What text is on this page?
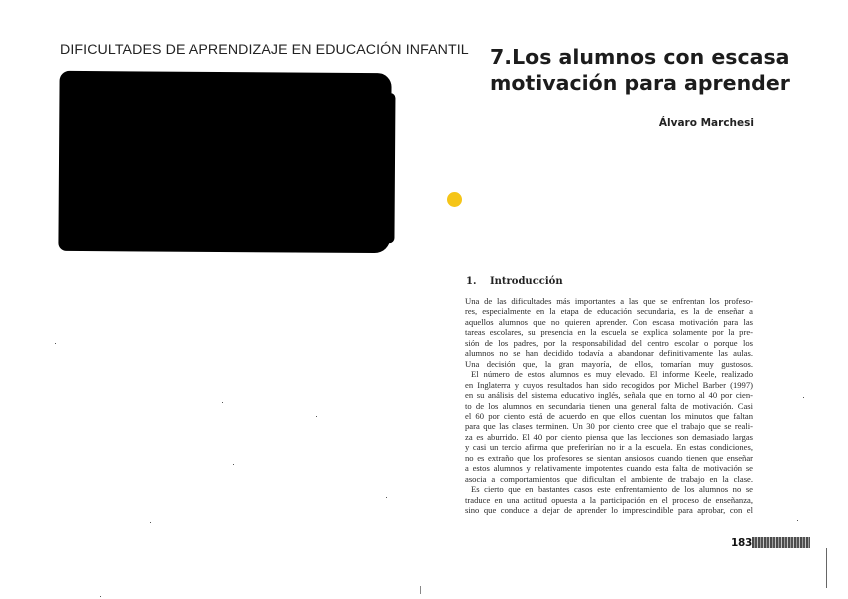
DIFICULTADES DE APRENDIZAJE EN EDUCACIÓN INFANTIL 7. Los alumnos con escasa
motivación para aprender
Álvaro Marchesi
1. Introducción
Una de las dificultades más importantes a las que se enfrentan los profeso-
res, especialmente en la etapa de educación secundaria, es la de enseñar a
aquellos alumnos que no quieren aprender. Con escasa motivación para las
tareas escolares, su presencia en la escuela se explica solamente por la pre-
sión de los padres, por la responsabilidad del centro escolar o porque los
alumnos no se han decidido todavía a abandonar definitivamente las aulas.
Una decisión que, la gran mayoría, de ellos, tomarían muy gustosos.
El número de estos alumnos es muy elevado. El informe Keele, realizado
en Inglaterra y cuyos resultados han sido recogidos por Michel Barber (1997)
en su análisis del sistema educativo inglés, señala que en torno al 40 por cien-
to de los alumnos en secundaria tienen una general falta de motivación. Casi
el 60 por ciento está de acuerdo en que ellos cuentan los minutos que faltan
para que las clases terminen. Un 30 por ciento cree que el trabajo que se reali-
za es aburrido. El 40 por ciento piensa que las lecciones son demasiado largas
y casi un tercio afirma que preferirían no ir a la escuela. En estas condiciones,
no es extraño que los profesores se sientan ansiosos cuando tienen que enseñar
a estos alumnos y relativamente impotentes cuando esta falta de motivación se
asocia a comportamientos que dificultan el ambiente de trabajo en la clase.
Es cierto que en bastantes casos este enfrentamiento de los alumnos no se
traduce en una actitud opuesta a la participación en el proceso de enseñanza,
sino que conduce a dejar de aprender lo imprescindible para aprobar, con el
183
